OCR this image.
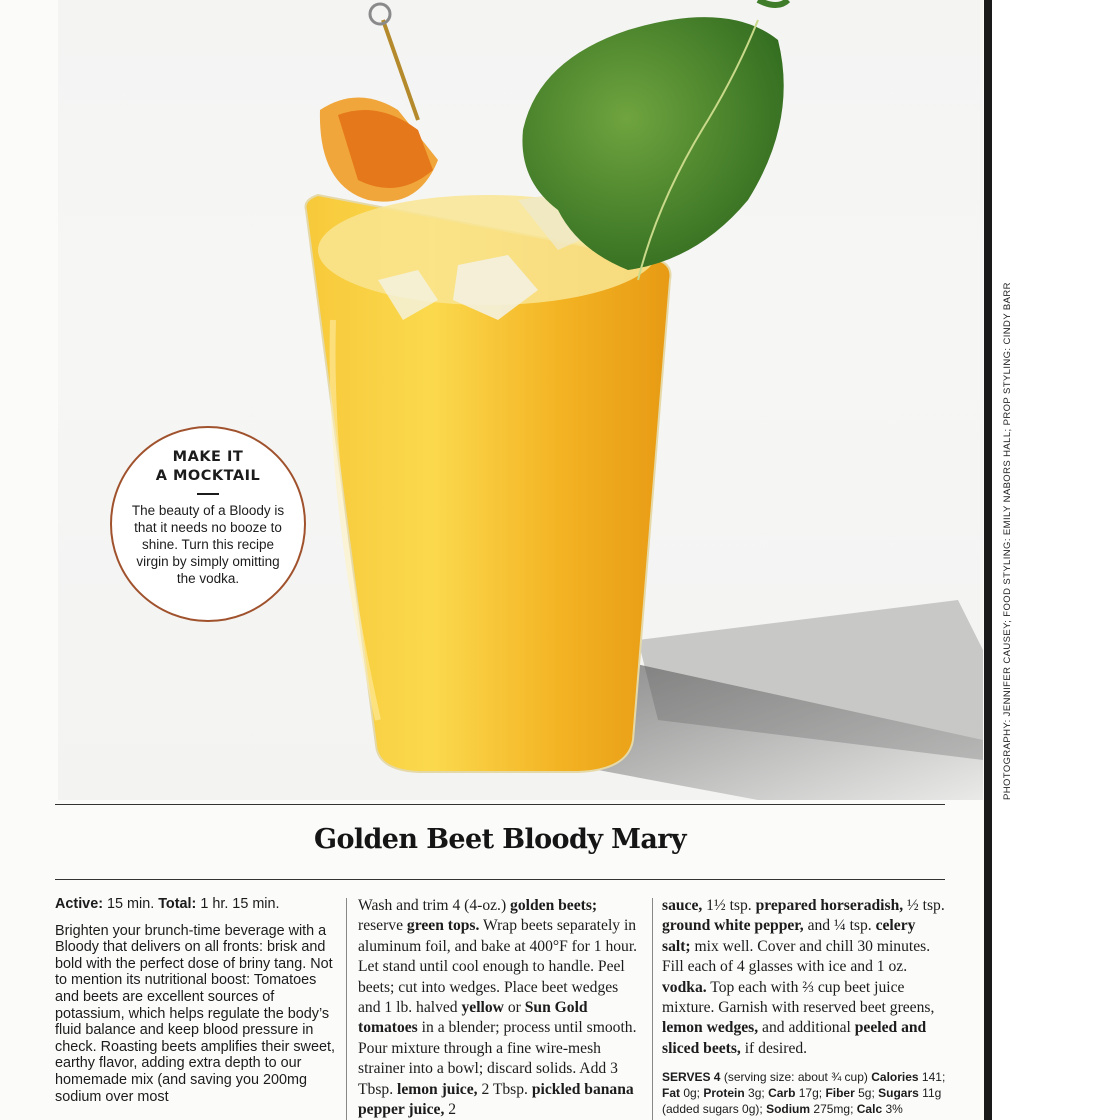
MAKE IT
A MOCKTAIL
The beauty of a Bloody is that it needs no booze to shine. Turn this recipe virgin by simply omitting the vodka.
Golden Beet Bloody Mary
Active: 15 min. Total: 1 hr. 15 min.
Brighten your brunch-time beverage with a Bloody that delivers on all fronts: brisk and bold with the perfect dose of briny tang. Not to mention its nutritional boost: Tomatoes and beets are excellent sources of potassium, which helps regulate the body’s fluid balance and keep blood pressure in check. Roasting beets amplifies their sweet, earthy flavor, adding extra depth to our homemade mix (and saving you 200mg sodium over most
Wash and trim 4 (4-oz.) golden beets; reserve green tops. Wrap beets separately in aluminum foil, and bake at 400°F for 1 hour. Let stand until cool enough to handle. Peel beets; cut into wedges. Place beet wedges and 1 lb. halved yellow or Sun Gold tomatoes in a blender; process until smooth. Pour mixture through a fine wire-mesh strainer into a bowl; discard solids. Add 3 Tbsp. lemon juice, 2 Tbsp. pickled banana pepper juice, 2
sauce, 1½ tsp. prepared horseradish, ½ tsp. ground white pepper, and ¼ tsp. celery salt; mix well. Cover and chill 30 minutes. Fill each of 4 glasses with ice and 1 oz. vodka. Top each with ⅔ cup beet juice mixture. Garnish with reserved beet greens, lemon wedges, and additional peeled and sliced beets, if desired.
SERVES 4 (serving size: about ¾ cup) Calories 141; Fat 0g; Protein 3g; Carb 17g; Fiber 5g; Sugars 11g (added sugars 0g); Sodium 275mg; Calc 3%
PHOTOGRAPHY: JENNIFER CAUSEY; FOOD STYLING: EMILY NABORS HALL; PROP STYLING: CINDY BARR
